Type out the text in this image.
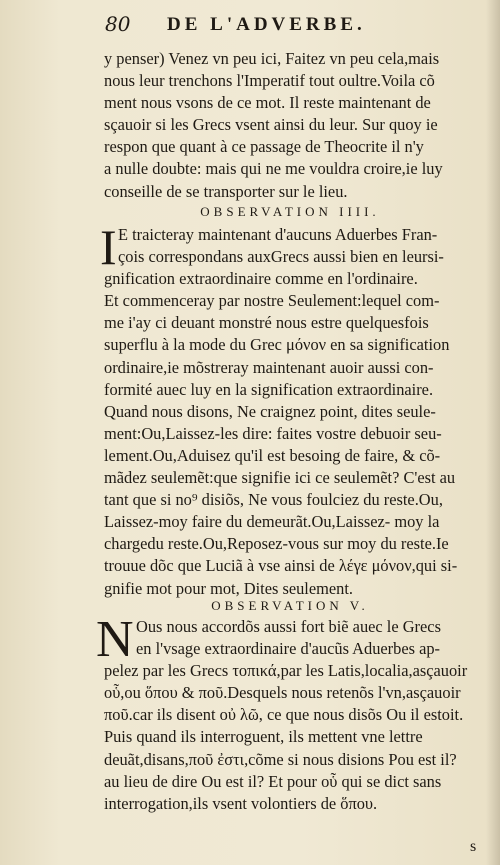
80 DE L'ADVERBE.
y penser) Venez vn peu ici, Faitez vn peu cela,mais
nous leur trenchons l'Imperatif tout oultre.Voila cõ
ment nous vsons de ce mot. Il reste maintenant de
sçauoir si les Grecs vsent ainsi du leur. Sur quoy ie
respon que quant à ce passage de Theocrite il n'y
a nulle doubte: mais qui ne me vouldra croire,ie luy
conseille de se transporter sur le lieu.
OBSERVATION IIII.
I E traicteray maintenant d'aucuns Aduerbes Fran-
çois correspondans auxGrecs aussi bien en leursi-
gnification extraordinaire comme en l'ordinaire.
Et commenceray par nostre Seulement:lequel com-
me i'ay ci deuant monstré nous estre quelquesfois
superflu à la mode du Grec μόνον en sa signification
ordinaire,ie mõstreray maintenant auoir aussi con-
formité auec luy en la signification extraordinaire.
Quand nous disons, Ne craignez point, dites seule-
ment:Ou,Laissez-les dire: faites vostre debuoir seu-
lement.Ou,Aduisez qu'il est besoing de faire, & cõ-
mãdez seulemẽt:que signifie ici ce seulemẽt? C'est au
tant que si no⁹ disiõs, Ne vous foulciez du reste.Ou,
Laissez-moy faire du demeurãt.Ou,Laissez- moy la
chargedu reste.Ou,Reposez-vous sur moy du reste.Ie
trouue dõc que Luciã à vse ainsi de λέγε μόνον,qui si-
gnifie mot pour mot, Dites seulement.
OBSERVATION V.
N Ous nous accordõs aussi fort biẽ auec le Grecs
en l'vsage extraordinaire d'aucũs Aduerbes ap-
pelez par les Grecs τοπικά,par les Latis,localia,asçauoir
οὗ,ou ὅπου & ποῦ.Desquels nous retenõs l'vn,asçauoir
ποῦ.car ils disent οὐ λῶ, ce que nous disõs Ou il estoit.
Puis quand ils interroguent, ils mettent vne lettre
deuãt,disans,ποῦ ἐστι,cõme si nous disions Pou est il?
au lieu de dire Ou est il? Et pour οὗ qui se dict sans
interrogation,ils vsent volontiers de ὅπου.
s
